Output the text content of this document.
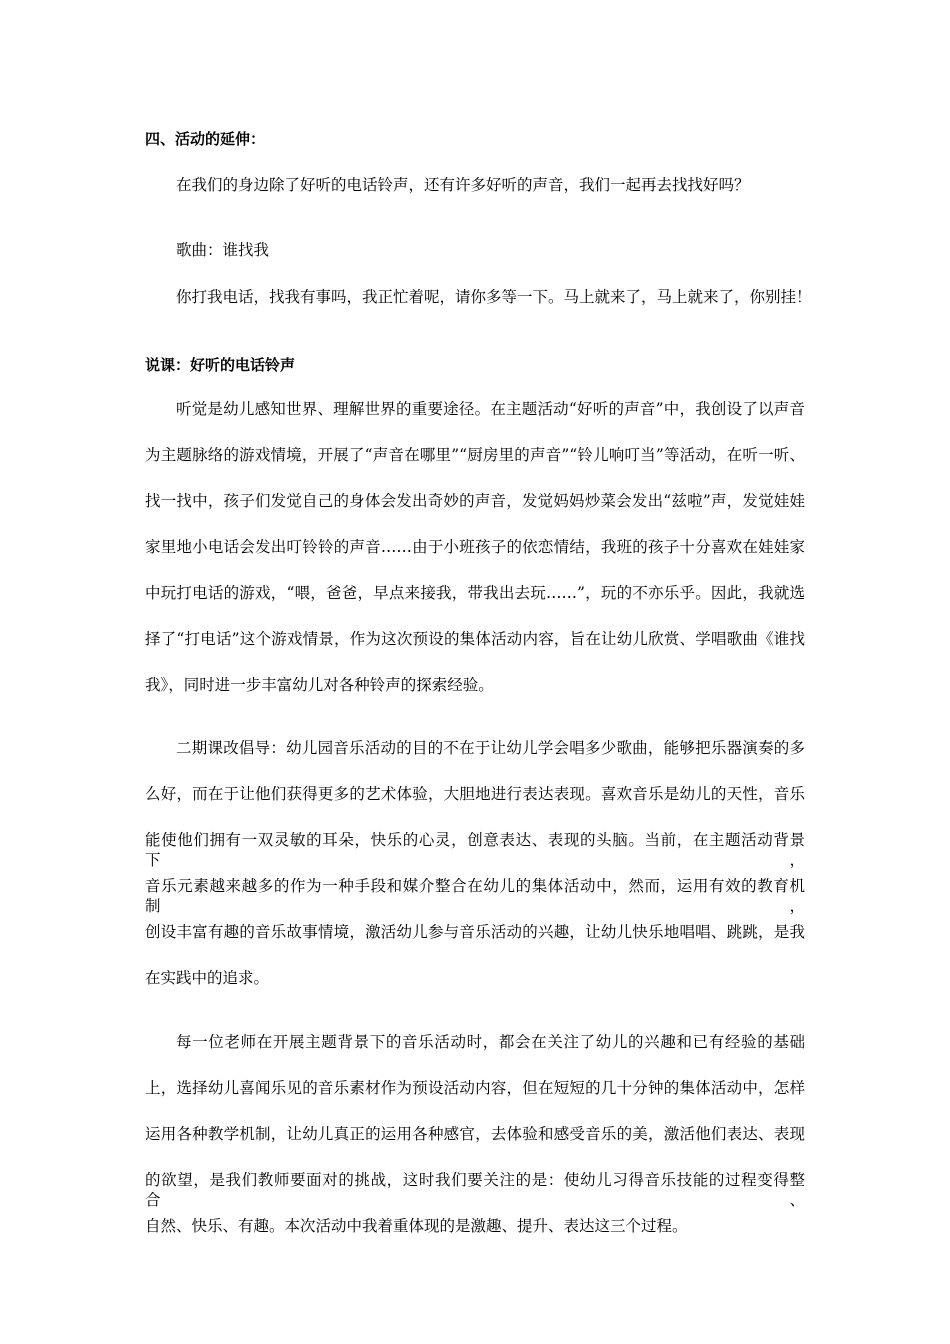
四、活动的延伸：
在我们的身边除了好听的电话铃声，还有许多好听的声音，我们一起再去找找好吗？
歌曲：谁找我
你打我电话，找我有事吗，我正忙着呢，请你多等一下。马上就来了，马上就来了，你别挂！
说课：好听的电话铃声
听觉是幼儿感知世界、理解世界的重要途径。在主题活动“好听的声音”中，我创设了以声音
为主题脉络的游戏情境，开展了“声音在哪里”“厨房里的声音”“铃儿响叮当”等活动，在听一听、
找一找中，孩子们发觉自己的身体会发出奇妙的声音，发觉妈妈炒菜会发出“兹啦”声，发觉娃娃
家里地小电话会发出叮铃铃的声音……由于小班孩子的依恋情结，我班的孩子十分喜欢在娃娃家
中玩打电话的游戏，“喂，爸爸，早点来接我，带我出去玩……”，玩的不亦乐乎。因此，我就选
择了“打电话”这个游戏情景，作为这次预设的集体活动内容，旨在让幼儿欣赏、学唱歌曲《谁找
我》，同时进一步丰富幼儿对各种铃声的探索经验。
二期课改倡导：幼儿园音乐活动的目的不在于让幼儿学会唱多少歌曲，能够把乐器演奏的多
么好，而在于让他们获得更多的艺术体验，大胆地进行表达表现。喜欢音乐是幼儿的天性，音乐
能使他们拥有一双灵敏的耳朵，快乐的心灵，创意表达、表现的头脑。当前，在主题活动背景下，
音乐元素越来越多的作为一种手段和媒介整合在幼儿的集体活动中，然而，运用有效的教育机制，
创设丰富有趣的音乐故事情境，激活幼儿参与音乐活动的兴趣，让幼儿快乐地唱唱、跳跳，是我
在实践中的追求。
每一位老师在开展主题背景下的音乐活动时，都会在关注了幼儿的兴趣和已有经验的基础
上，选择幼儿喜闻乐见的音乐素材作为预设活动内容，但在短短的几十分钟的集体活动中，怎样
运用各种教学机制，让幼儿真正的运用各种感官，去体验和感受音乐的美，激活他们表达、表现
的欲望，是我们教师要面对的挑战，这时我们要关注的是：使幼儿习得音乐技能的过程变得整合、
自然、快乐、有趣。本次活动中我着重体现的是激趣、提升、表达这三个过程。
